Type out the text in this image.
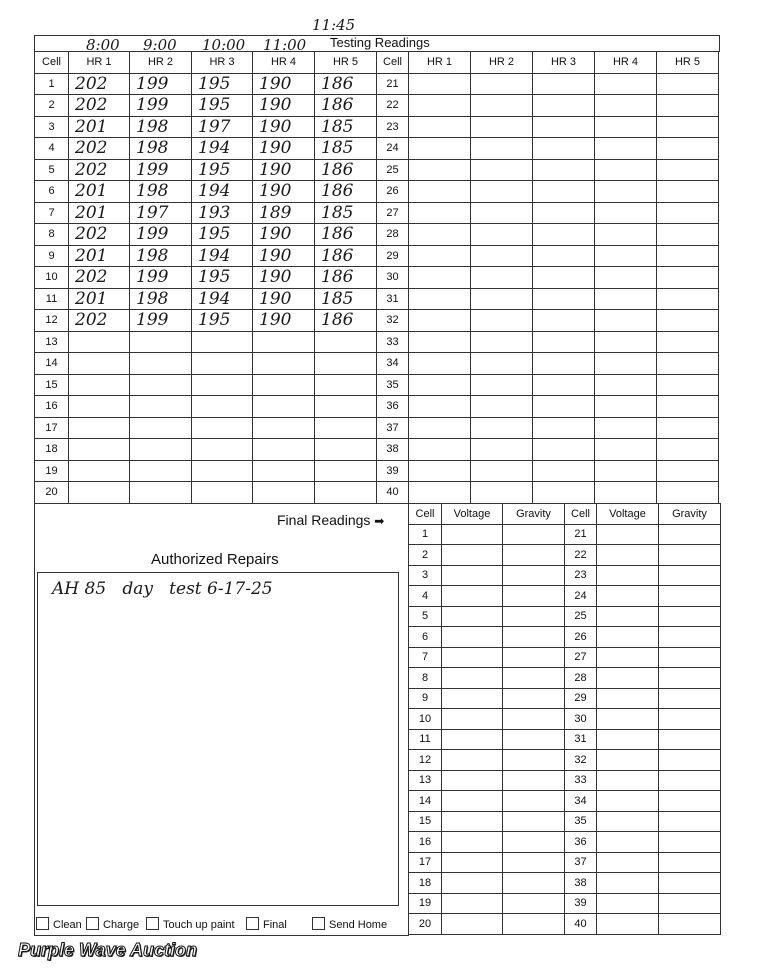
8:00 9:00 10:00 11:00
11:45
Testing Readings
Cell	HR 1	HR 2	HR 3	HR 4	HR 5	Cell	HR 1	HR 2	HR 3	HR 4	HR 5
1	202	199	195	190	186	21					
2	202	199	195	190	186	22					
3	201	198	197	190	185	23					
4	202	198	194	190	185	24					
5	202	199	195	190	186	25					
6	201	198	194	190	186	26					
7	201	197	193	189	185	27					
8	202	199	195	190	186	28					
9	201	198	194	190	186	29					
10	202	199	195	190	186	30					
11	201	198	194	190	185	31					
12	202	199	195	190	186	32					
13						33					
14						34					
15						35					
16						36					
17						37					
18						38					
19						39					
20						40					
Final Readings ➡
Cell	Voltage	Gravity	Cell	Voltage	Gravity
1			21		
2			22		
3			23		
4			24		
5			25		
6			26		
7			27		
8			28		
9			29		
10			30		
11			31		
12			32		
13			33		
14			34		
15			35		
16			36		
17			37		
18			38		
19			39		
20			40		
Authorized Repairs
AH 85   day   test 6-17-25
Clean	Charge	Touch up paint	Final	Send Home
Purple Wave Auction
